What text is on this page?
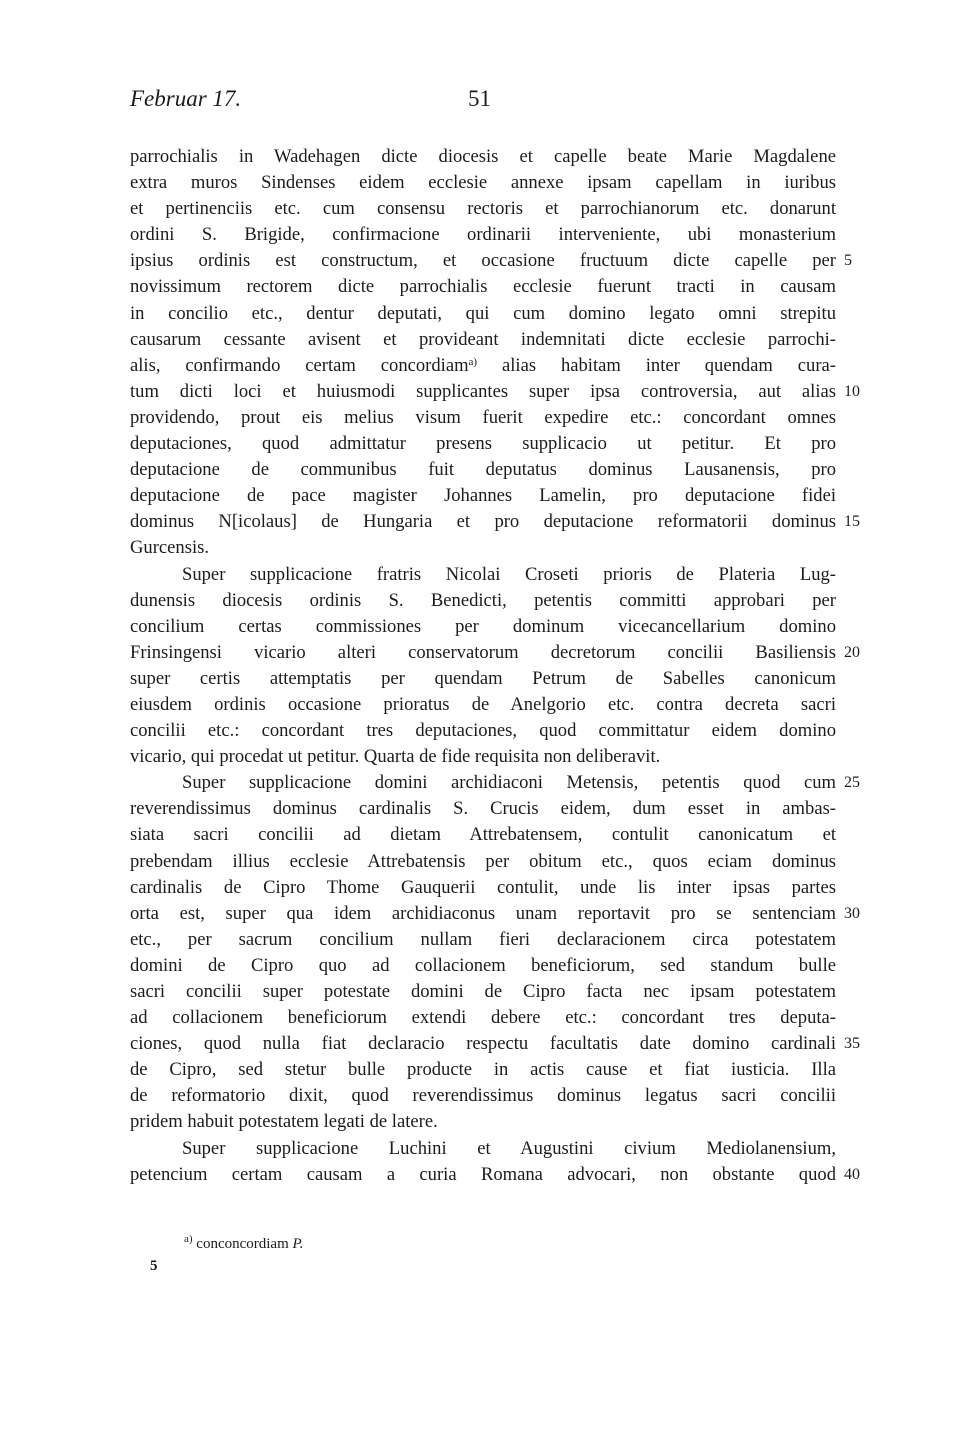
Februar 17.	51
parrochialis in Wadehagen dicte diocesis et capelle beate Marie Magdalene
extra muros Sindenses eidem ecclesie annexe ipsam capellam in iuribus
et pertinenciis etc. cum consensu rectoris et parrochianorum etc. donarunt
ordini S. Brigide, confirmacione ordinarii interveniente, ubi monasterium
ipsius ordinis est constructum, et occasione fructuum dicte capelle per 5
novissimum rectorem dicte parrochialis ecclesie fuerunt tracti in causam
in concilio etc., dentur deputati, qui cum domino legato omni strepitu
causarum cessante avisent et provideant indemnitati dicte ecclesie parrochi-
alis, confirmando certam concordiam$^{a)}$ alias habitam inter quendam cura-
tum dicti loci et huiusmodi supplicantes super ipsa controversia, aut alias 10
providendo, prout eis melius visum fuerit expedire etc.: concordant omnes
deputaciones, quod admittatur presens supplicacio ut petitur. Et pro
deputacione de communibus fuit deputatus dominus Lausanensis, pro
deputacione de pace magister Johannes Lamelin, pro deputacione fidei
dominus N[icolaus] de Hungaria et pro deputacione reformatorii dominus 15
Gurcensis.
Super supplicacione fratris Nicolai Croseti prioris de Plateria Lug-
dunensis diocesis ordinis S. Benedicti, petentis committi approbari per
concilium certas commissiones per dominum vicecancellarium domino
Frinsingensi vicario alteri conservatorum decretorum concilii Basiliensis 20
super certis attemptatis per quendam Petrum de Sabelles canonicum
eiusdem ordinis occasione prioratus de Anelgorio etc. contra decreta sacri
concilii etc.: concordant tres deputaciones, quod committatur eidem domino
vicario, qui procedat ut petitur. Quarta de fide requisita non deliberavit.
Super supplicacione domini archidiaconi Metensis, petentis quod cum 25
reverendissimus dominus cardinalis S. Crucis eidem, dum esset in ambas-
siata sacri concilii ad dietam Attrebatensem, contulit canonicatum et
prebendam illius ecclesie Attrebatensis per obitum etc., quos eciam dominus
cardinalis de Cipro Thome Gauquerii contulit, unde lis inter ipsas partes
orta est, super qua idem archidiaconus unam reportavit pro se sentenciam 30
etc., per sacrum concilium nullam fieri declaracionem circa potestatem
domini de Cipro quo ad collacionem beneficiorum, sed standum bulle
sacri concilii super potestate domini de Cipro facta nec ipsam potestatem
ad collacionem beneficiorum extendi debere etc.: concordant tres deputa-
ciones, quod nulla fiat declaracio respectu facultatis date domino cardinali 35
de Cipro, sed stetur bulle producte in actis cause et fiat iusticia. Illa
de reformatorio dixit, quod reverendissimus dominus legatus sacri concilii
pridem habuit potestatem legati de latere.
Super supplicacione Luchini et Augustini civium Mediolanensium,
petencium certam causam a curia Romana advocari, non obstante quod 40
$^{a)}$ conconcordiam P.
5
